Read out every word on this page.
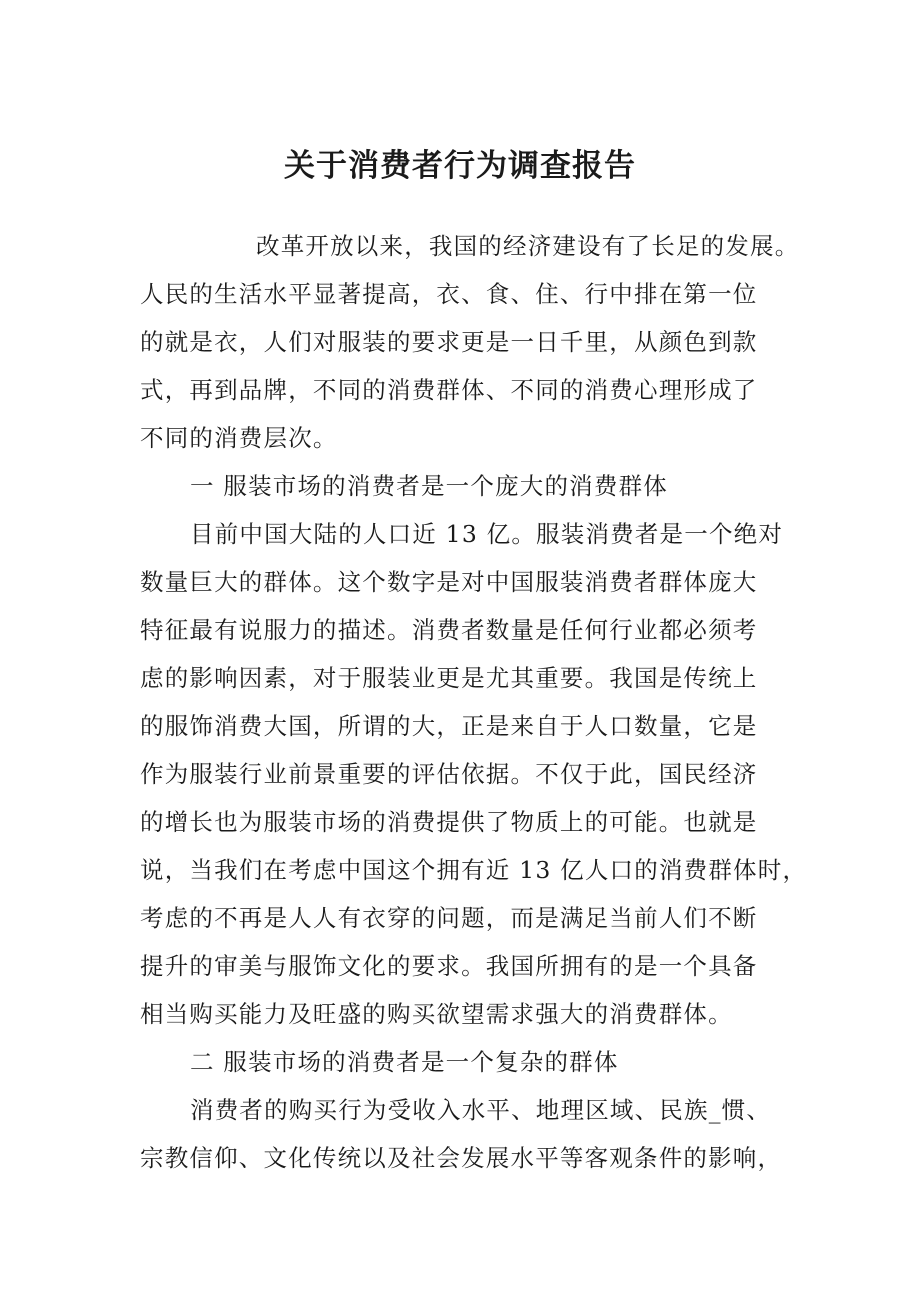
关于消费者行为调查报告
改革开放以来，我国的经济建设有了长足的发展。
人民的生活水平显著提高，衣、食、住、行中排在第一位
的就是衣，人们对服装的要求更是一日千里，从颜色到款
式，再到品牌，不同的消费群体、不同的消费心理形成了
不同的消费层次。
一 服装市场的消费者是一个庞大的消费群体
目前中国大陆的人口近 13 亿。服装消费者是一个绝对
数量巨大的群体。这个数字是对中国服装消费者群体庞大
特征最有说服力的描述。消费者数量是任何行业都必须考
虑的影响因素，对于服装业更是尤其重要。我国是传统上
的服饰消费大国，所谓的大，正是来自于人口数量，它是
作为服装行业前景重要的评估依据。不仅于此，国民经济
的增长也为服装市场的消费提供了物质上的可能。也就是
说，当我们在考虑中国这个拥有近 13 亿人口的消费群体时，
考虑的不再是人人有衣穿的问题，而是满足当前人们不断
提升的审美与服饰文化的要求。我国所拥有的是一个具备
相当购买能力及旺盛的购买欲望需求强大的消费群体。
二 服装市场的消费者是一个复杂的群体
消费者的购买行为受收入水平、地理区域、民族_惯、
宗教信仰、文化传统以及社会发展水平等客观条件的影响，
